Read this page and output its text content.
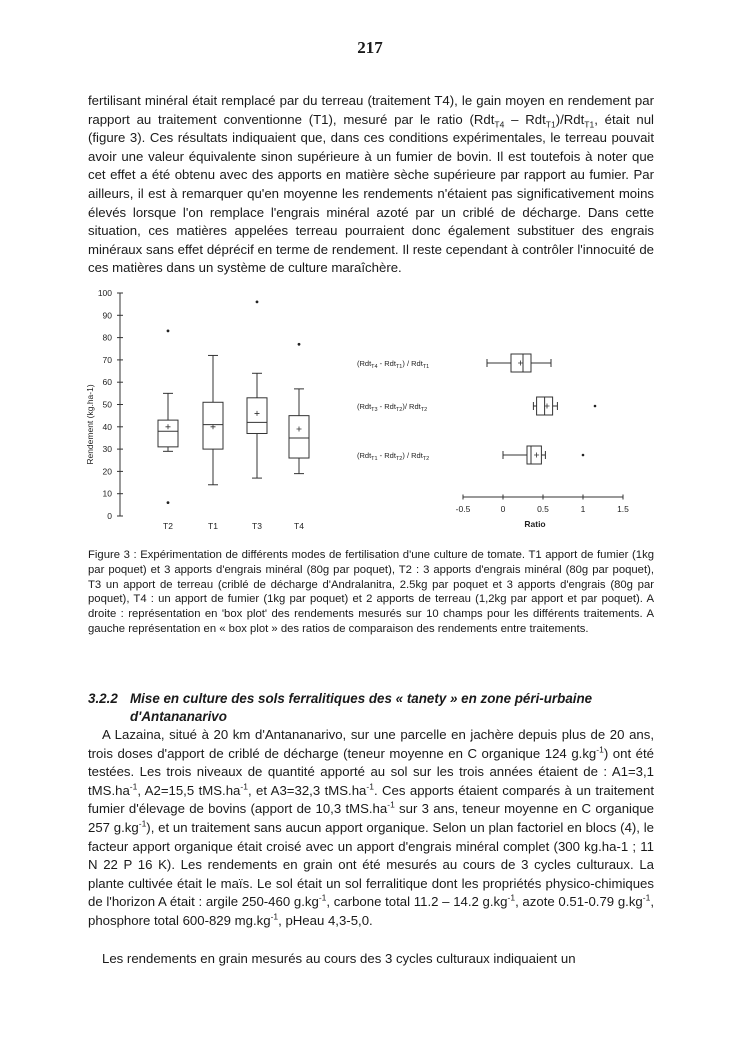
217

fertilisant minéral était remplacé par du terreau (traitement T4), le gain moyen en rendement par rapport au traitement conventionne (T1), mesuré par le ratio (Rdt$_{T4}$ – Rdt$_{T1}$)/Rdt$_{T1}$, était nul (figure 3). Ces résultats indiquaient que, dans ces conditions expérimentales, le terreau pouvait avoir une valeur équivalente sinon supérieure à un fumier de bovin. Il est toutefois à noter que cet effet a été obtenu avec des apports en matière sèche supérieure par rapport au fumier. Par ailleurs, il est à remarquer qu'en moyenne les rendements n'étaient pas significativement moins élevés lorsque l'on remplace l'engrais minéral azoté par un criblé de décharge. Dans cette situation, ces matières appelées terreau pourraient donc également substituer des engrais minéraux sans effet déprécif en terme de rendement. Il reste cependant à contrôler l'innocuité de ces matières dans un système de culture maraîchère.

0
10
20
30
40
50
60
70
80
90
100
Rendement (kg.ha-1)
T2	T1	T3	T4
-0.5	0	0.5	1	1.5
Ratio
(Rdt$_{T4}$ - Rdt$_{T1}$) / Rdt$_{T1}$
(Rdt$_{T3}$ - Rdt$_{T2}$)/ Rdt$_{T2}$
(Rdt$_{T1}$ - Rdt$_{T2}$) / Rdt$_{T2}$

Figure 3 : Expérimentation de différents modes de fertilisation d'une culture de tomate. T1 apport de fumier (1kg par poquet) et 3 apports d'engrais minéral (80g par poquet), T2 : 3 apports d'engrais minéral (80g par poquet), T3 un apport de terreau (criblé de décharge d'Andralanitra, 2.5kg par poquet et 3 apports d'engrais (80g par poquet), T4 : un apport de fumier (1kg par poquet) et 2 apports de terreau (1,2kg par apport et par poquet). A droite : représentation en 'box plot' des rendements mesurés sur 10 champs pour les différents traitements. A gauche représentation en « box plot » des ratios de comparaison des rendements entre traitements.

3.2.2 Mise en culture des sols ferralitiques des « tanety » en zone péri-urbaine
d'Antananarivo

A Lazaina, situé à 20 km d'Antananarivo, sur une parcelle en jachère depuis plus de 20 ans, trois doses d'apport de criblé de décharge (teneur moyenne en C organique 124 $g.kg^{-1}$) ont été testées. Les trois niveaux de quantité apporté au sol sur les trois années étaient de : A1=3,1 $tMS.ha^{-1}$, A2=15,5 $tMS.ha^{-1}$, et A3=32,3 $tMS.ha^{-1}$. Ces apports étaient comparés à un traitement fumier d'élevage de bovins (apport de 10,3 $tMS.ha^{-1}$ sur 3 ans, teneur moyenne en C organique 257 $g.kg^{-1}$), et un traitement sans aucun apport organique. Selon un plan factoriel en blocs (4), le facteur apport organique était croisé avec un apport d'engrais minéral complet (300 kg.ha-1 ; 11 N 22 P 16 K). Les rendements en grain ont été mesurés au cours de 3 cycles culturaux. La plante cultivée était le maïs. Le sol était un sol ferralitique dont les propriétés physico-chimiques de l'horizon A était : argile 250-460 $g.kg^{-1}$, carbone total 11.2 – 14.2 $g.kg^{-1}$, azote 0.51-0.79 $g.kg^{-1}$, phosphore total 600-829 $mg.kg^{-1}$, pHeau 4,3-5,0.

Les rendements en grain mesurés au cours des 3 cycles culturaux indiquaient un
